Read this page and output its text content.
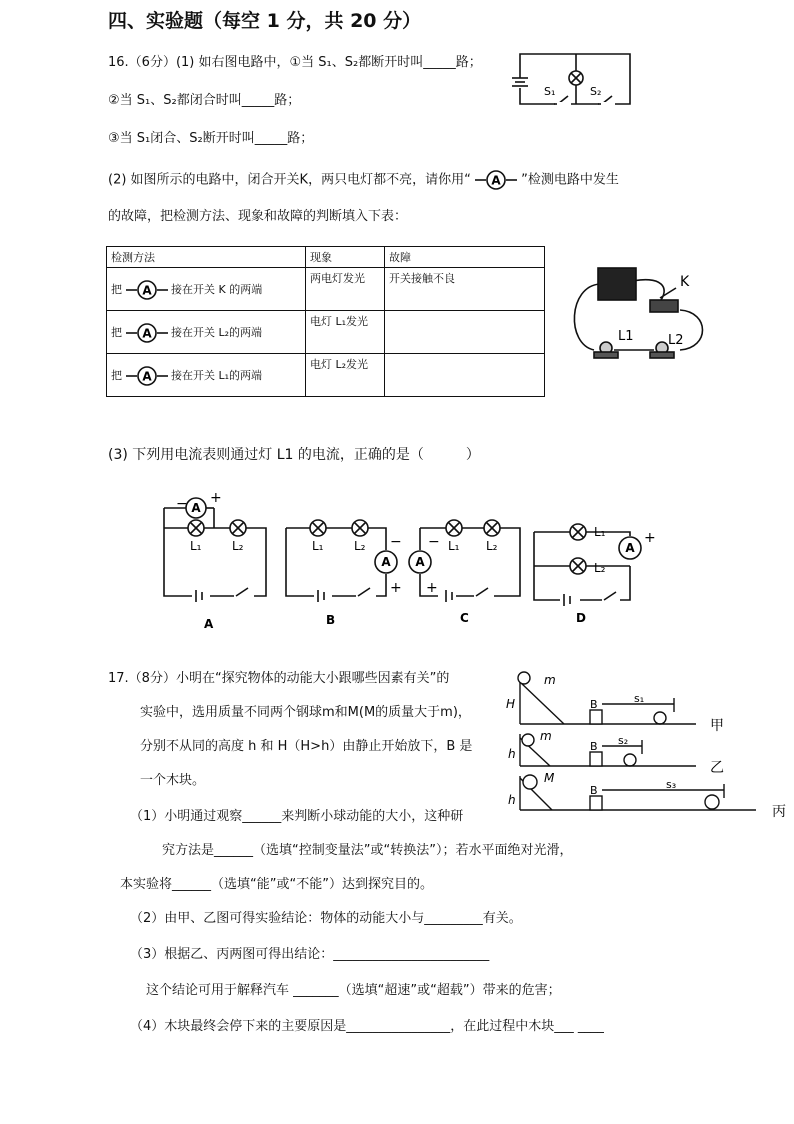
四、实验题（每空 1 分，共 20 分）
16.（6分）(1) 如右图电路中，①当 S₁、S₂都断开时叫_____路；
②当 S₁、S₂都闭合时叫_____路；
③当 S₁闭合、S₂断开时叫_____路；
(2) 如图所示的电路中，闭合开关K，两只电灯都不亮，请你用“ A ”检测电路中发生
的故障，把检测方法、现象和故障的判断填入下表：
检测方法	现象	故障

把 A 接在开关 K 的两端	两电灯发光	开关接触不良

把 A 接在开关 L₂的两端	电灯 L₁发光	

把 A 接在开关 L₁的两端	电灯 L₂发光	
S₁	S₂
K
L1	L2
(3) 下列用电流表则通过灯 L1 的电流，正确的是（　　　）
A
A A
A
− +
−
+
−
+
+
L₁	L₂	L₁	L₂	L₁ L₂
L₁
L₂
A	B	C	D
17.（8分）小明在“探究物体的动能大小跟哪些因素有关”的
实验中，选用质量不同两个钢球m和M(M的质量大于m)，
分别不从同的高度 h 和 H（H>h）由静止开始放下，B 是
一个木块。
（1）小明通过观察______来判断小球动能的大小，这种研
究方法是______（选填“控制变量法”或“转换法”）；若水平面绝对光滑，
本实验将______（选填“能”或“不能”）达到探究目的。
（2）由甲、乙图可得实验结论：物体的动能大小与_________有关。
（3）根据乙、丙两图可得出结论：________________________
这个结论可用于解释汽车 _______（选填“超速”或“超载”）带来的危害；
（4）木块最终会停下来的主要原因是________________，在此过程中木块___ ____
m
H
m
h
M
h
B
B
B
s₁
s₂
s₃
甲
乙
丙
